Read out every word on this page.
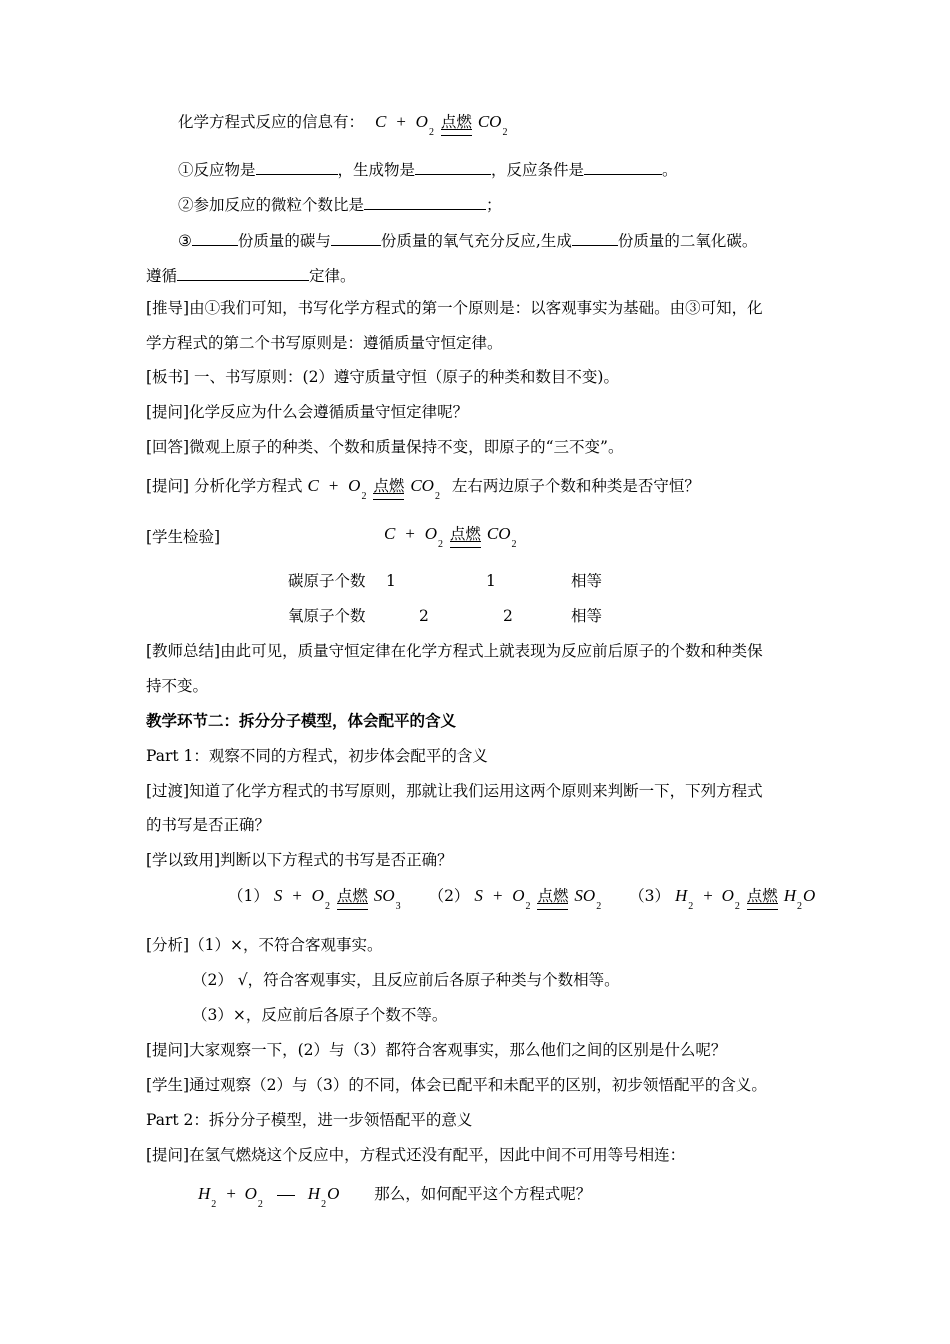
化学方程式反应的信息有： $C + O_2$
点燃 $CO_2$
①反应物是	，生成物是	，反应条件是	。
②参加反应的微粒个数比是	；
③	份质量的碳与	份质量的氧气充分反应,生成	份质量的二氧化碳。
遵循	定律。
[推导]由①我们可知，书写化学方程式的第一个原则是：以客观事实为基础。由③可知，化
学方程式的第二个书写原则是：遵循质量守恒定律。
[板书] 一、书写原则：(2）遵守质量守恒（原子的种类和数目不变)。
[提问]化学反应为什么会遵循质量守恒定律呢？
[回答]微观上原子的种类、个数和质量保持不变，即原子的“三不变”。
[提问] 分析化学方程式 $C + O_2$
点燃 $CO_2$ 左右两边原子个数和种类是否守恒？
[学生检验]	$C + O_2$
点燃 $CO_2$
碳原子个数 1	1	相等
氧原子个数	2	2	相等
[教师总结]由此可见，质量守恒定律在化学方程式上就表现为反应前后原子的个数和种类保
持不变。
教学环节二：拆分分子模型，体会配平的含义
Part 1：观察不同的方程式，初步体会配平的含义
[过渡]知道了化学方程式的书写原则，那就让我们运用这两个原则来判断一下，下列方程式
的书写是否正确？
[学以致用]判断以下方程式的书写是否正确？
（1） $S + O_2$
点燃 $SO_3$ （2） $S + O_2$
点燃 $SO_2$ （3） $H_2 + O_2$
点燃 $H_2O$
[分析]（1）×，不符合客观事实。
（2） √，符合客观事实，且反应前后各原子种类与个数相等。
（3）×，反应前后各原子个数不等。
[提问]大家观察一下，(2）与（3）都符合客观事实，那么他们之间的区别是什么呢？
[学生]通过观察（2）与（3）的不同，体会已配平和未配平的区别，初步领悟配平的含义。
Part 2：拆分分子模型，进一步领悟配平的意义
[提问]在氢气燃烧这个反应中，方程式还没有配平，因此中间不可用等号相连：
$H_2 + O_2$  $H_2O$ 那么，如何配平这个方程式呢？
